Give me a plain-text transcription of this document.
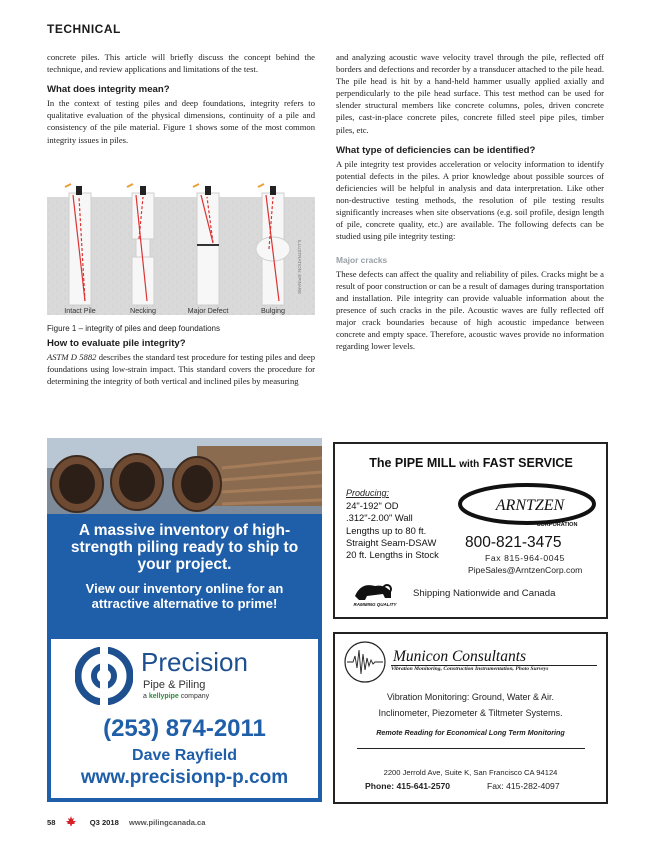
TECHNICAL

concrete piles. This article will briefly discuss the concept behind the technique, and review applications and limitations of the test.

What does integrity mean?

In the context of testing piles and deep foundations, integrity refers to qualitative evaluation of the physical dimensions, continuity of a pile and consistency of the pile material. Figure 1 shows some of the most common integrity issues in piles.

Intact Pile	Necking	Major Defect	Bulging
ILLUSTRATION: EPINARE
Figure 1 – integrity of piles and deep foundations
How to evaluate pile integrity?

ASTM D 5882 describes the standard test procedure for testing piles and deep foundations using low-strain impact. This standard covers the procedure for determining the integrity of both vertical and inclined piles by measuring

and analyzing acoustic wave velocity travel through the pile, reflected off borders and defections and recorder by a transducer attached to the pile head. The pile head is hit by a hand-held hammer usually applied axially and perpendicularly to the pile head surface. This test method can be used for slender structural members like concrete columns, poles, driven concrete piles, cast-in-place concrete piles, concrete filled steel pipe piles, timber piles, etc.

What type of deficiencies can be identified?

A pile integrity test provides acceleration or velocity information to identify potential defects in the piles. A prior knowledge about possible sources of deficiencies will be helpful in analysis and data interpretation. Like other non-destructive testing methods, the resolution of pile testing results significantly increases when site observations (e.g. soil profile, design length of pile, concrete quality, etc.) are available. The following defects can be studied using pile integrity testing:

Major cracks

These defects can affect the quality and reliability of piles. Cracks might be a result of poor construction or can be a result of damages during transportation and installation. Pile integrity can provide valuable information about the presence of such cracks in the pile. Acoustic waves are fully reflected off major crack boundaries because of high acoustic impedance between concrete and empty space. Therefore, acoustic waves provide no information regarding lower levels.

A massive inventory of high-strength piling ready to ship to your project.
View our inventory online for an attractive alternative to prime!
Precision
Pipe & Piling
a kellypipe company
(253) 874-2011
Dave Rayfield
www.precisionp-p.com
The PIPE MILL with FAST SERVICE
Producing:
24"-192" OD
.312"-2.00" Wall
Lengths up to 80 ft.
Straight Seam-DSAW
20 ft. Lengths in Stock
ARNTZEN
CORPORATION
800-821-3475
Fax 815-964-0045
PipeSales@ArntzenCorp.com
RAMMING QUALITY
Shipping Nationwide and Canada
Municon Consultants
Vibration Monitoring, Construction Instrumentation, Photo Surveys
Vibration Monitoring: Ground, Water & Air.
Inclinometer, Piezometer & Tiltmeter Systems.
Remote Reading for Economical Long Term Monitoring
2200 Jerrold Ave, Suite K, San Francisco CA 94124
Phone: 415-641-2570	Fax: 415-282-4097
58	Q3 2018 www.pilingcanada.ca
